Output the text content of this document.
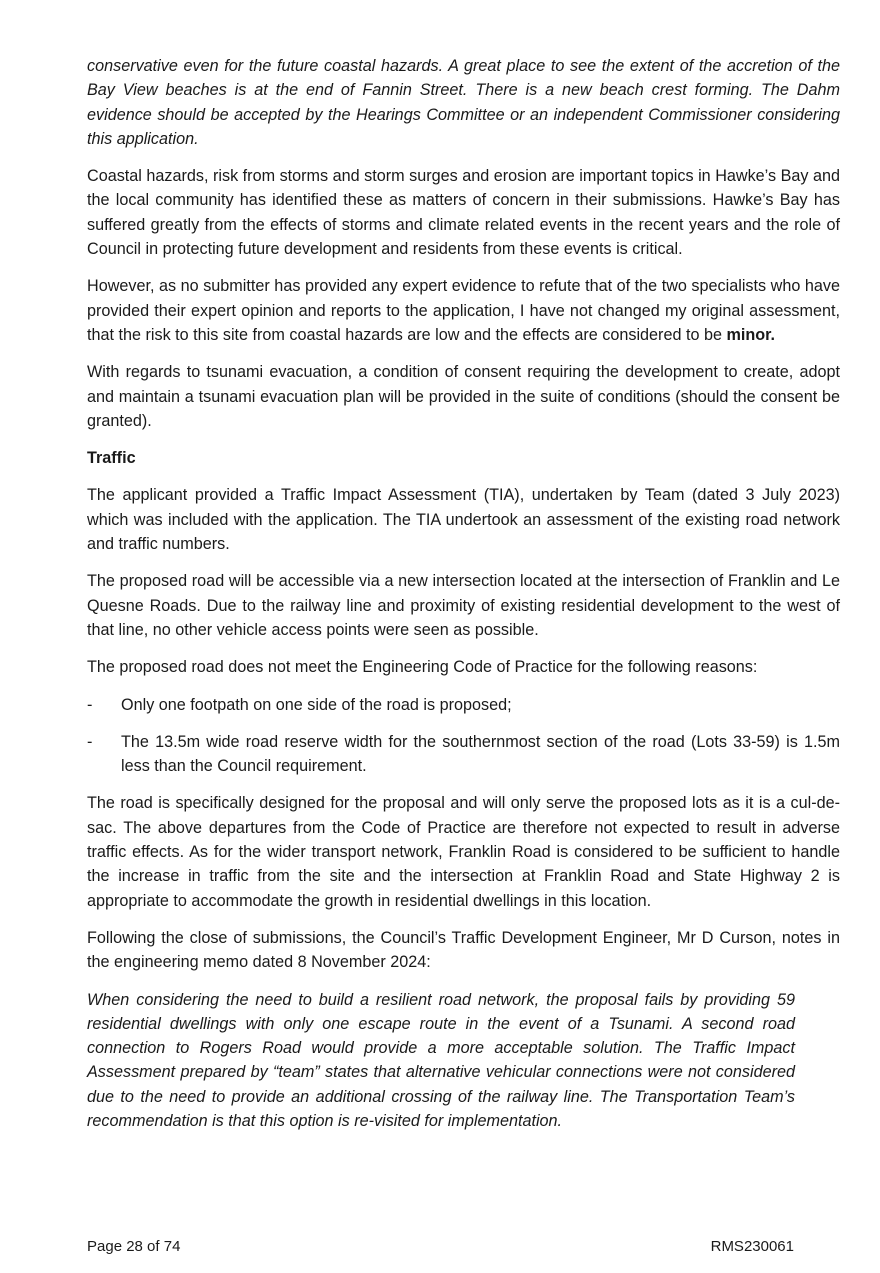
conservative even for the future coastal hazards. A great place to see the extent of the accretion of the Bay View beaches is at the end of Fannin Street. There is a new beach crest forming. The Dahm evidence should be accepted by the Hearings Committee or an independent Commissioner considering this application.

Coastal hazards, risk from storms and storm surges and erosion are important topics in Hawke’s Bay and the local community has identified these as matters of concern in their submissions. Hawke’s Bay has suffered greatly from the effects of storms and climate related events in the recent years and the role of Council in protecting future development and residents from these events is critical.

However, as no submitter has provided any expert evidence to refute that of the two specialists who have provided their expert opinion and reports to the application, I have not changed my original assessment, that the risk to this site from coastal hazards are low and the effects are considered to be minor.

With regards to tsunami evacuation, a condition of consent requiring the development to create, adopt and maintain a tsunami evacuation plan will be provided in the suite of conditions (should the consent be granted).

Traffic

The applicant provided a Traffic Impact Assessment (TIA), undertaken by Team (dated 3 July 2023) which was included with the application. The TIA undertook an assessment of the existing road network and traffic numbers.

The proposed road will be accessible via a new intersection located at the intersection of Franklin and Le Quesne Roads. Due to the railway line and proximity of existing residential development to the west of that line, no other vehicle access points were seen as possible.

The proposed road does not meet the Engineering Code of Practice for the following reasons:

-	Only one footpath on one side of the road is proposed;
-	The 13.5m wide road reserve width for the southernmost section of the road (Lots 33-59) is 1.5m less than the Council requirement.

The road is specifically designed for the proposal and will only serve the proposed lots as it is a cul-de-sac. The above departures from the Code of Practice are therefore not expected to result in adverse traffic effects. As for the wider transport network, Franklin Road is considered to be sufficient to handle the increase in traffic from the site and the intersection at Franklin Road and State Highway 2 is appropriate to accommodate the growth in residential dwellings in this location.

Following the close of submissions, the Council’s Traffic Development Engineer, Mr D Curson, notes in the engineering memo dated 8 November 2024:

When considering the need to build a resilient road network, the proposal fails by providing 59 residential dwellings with only one escape route in the event of a Tsunami. A second road connection to Rogers Road would provide a more acceptable solution. The Traffic Impact Assessment prepared by “team” states that alternative vehicular connections were not considered due to the need to provide an additional crossing of the railway line. The Transportation Team’s recommendation is that this option is re-visited for implementation.

Page 28 of 74	RMS230061
